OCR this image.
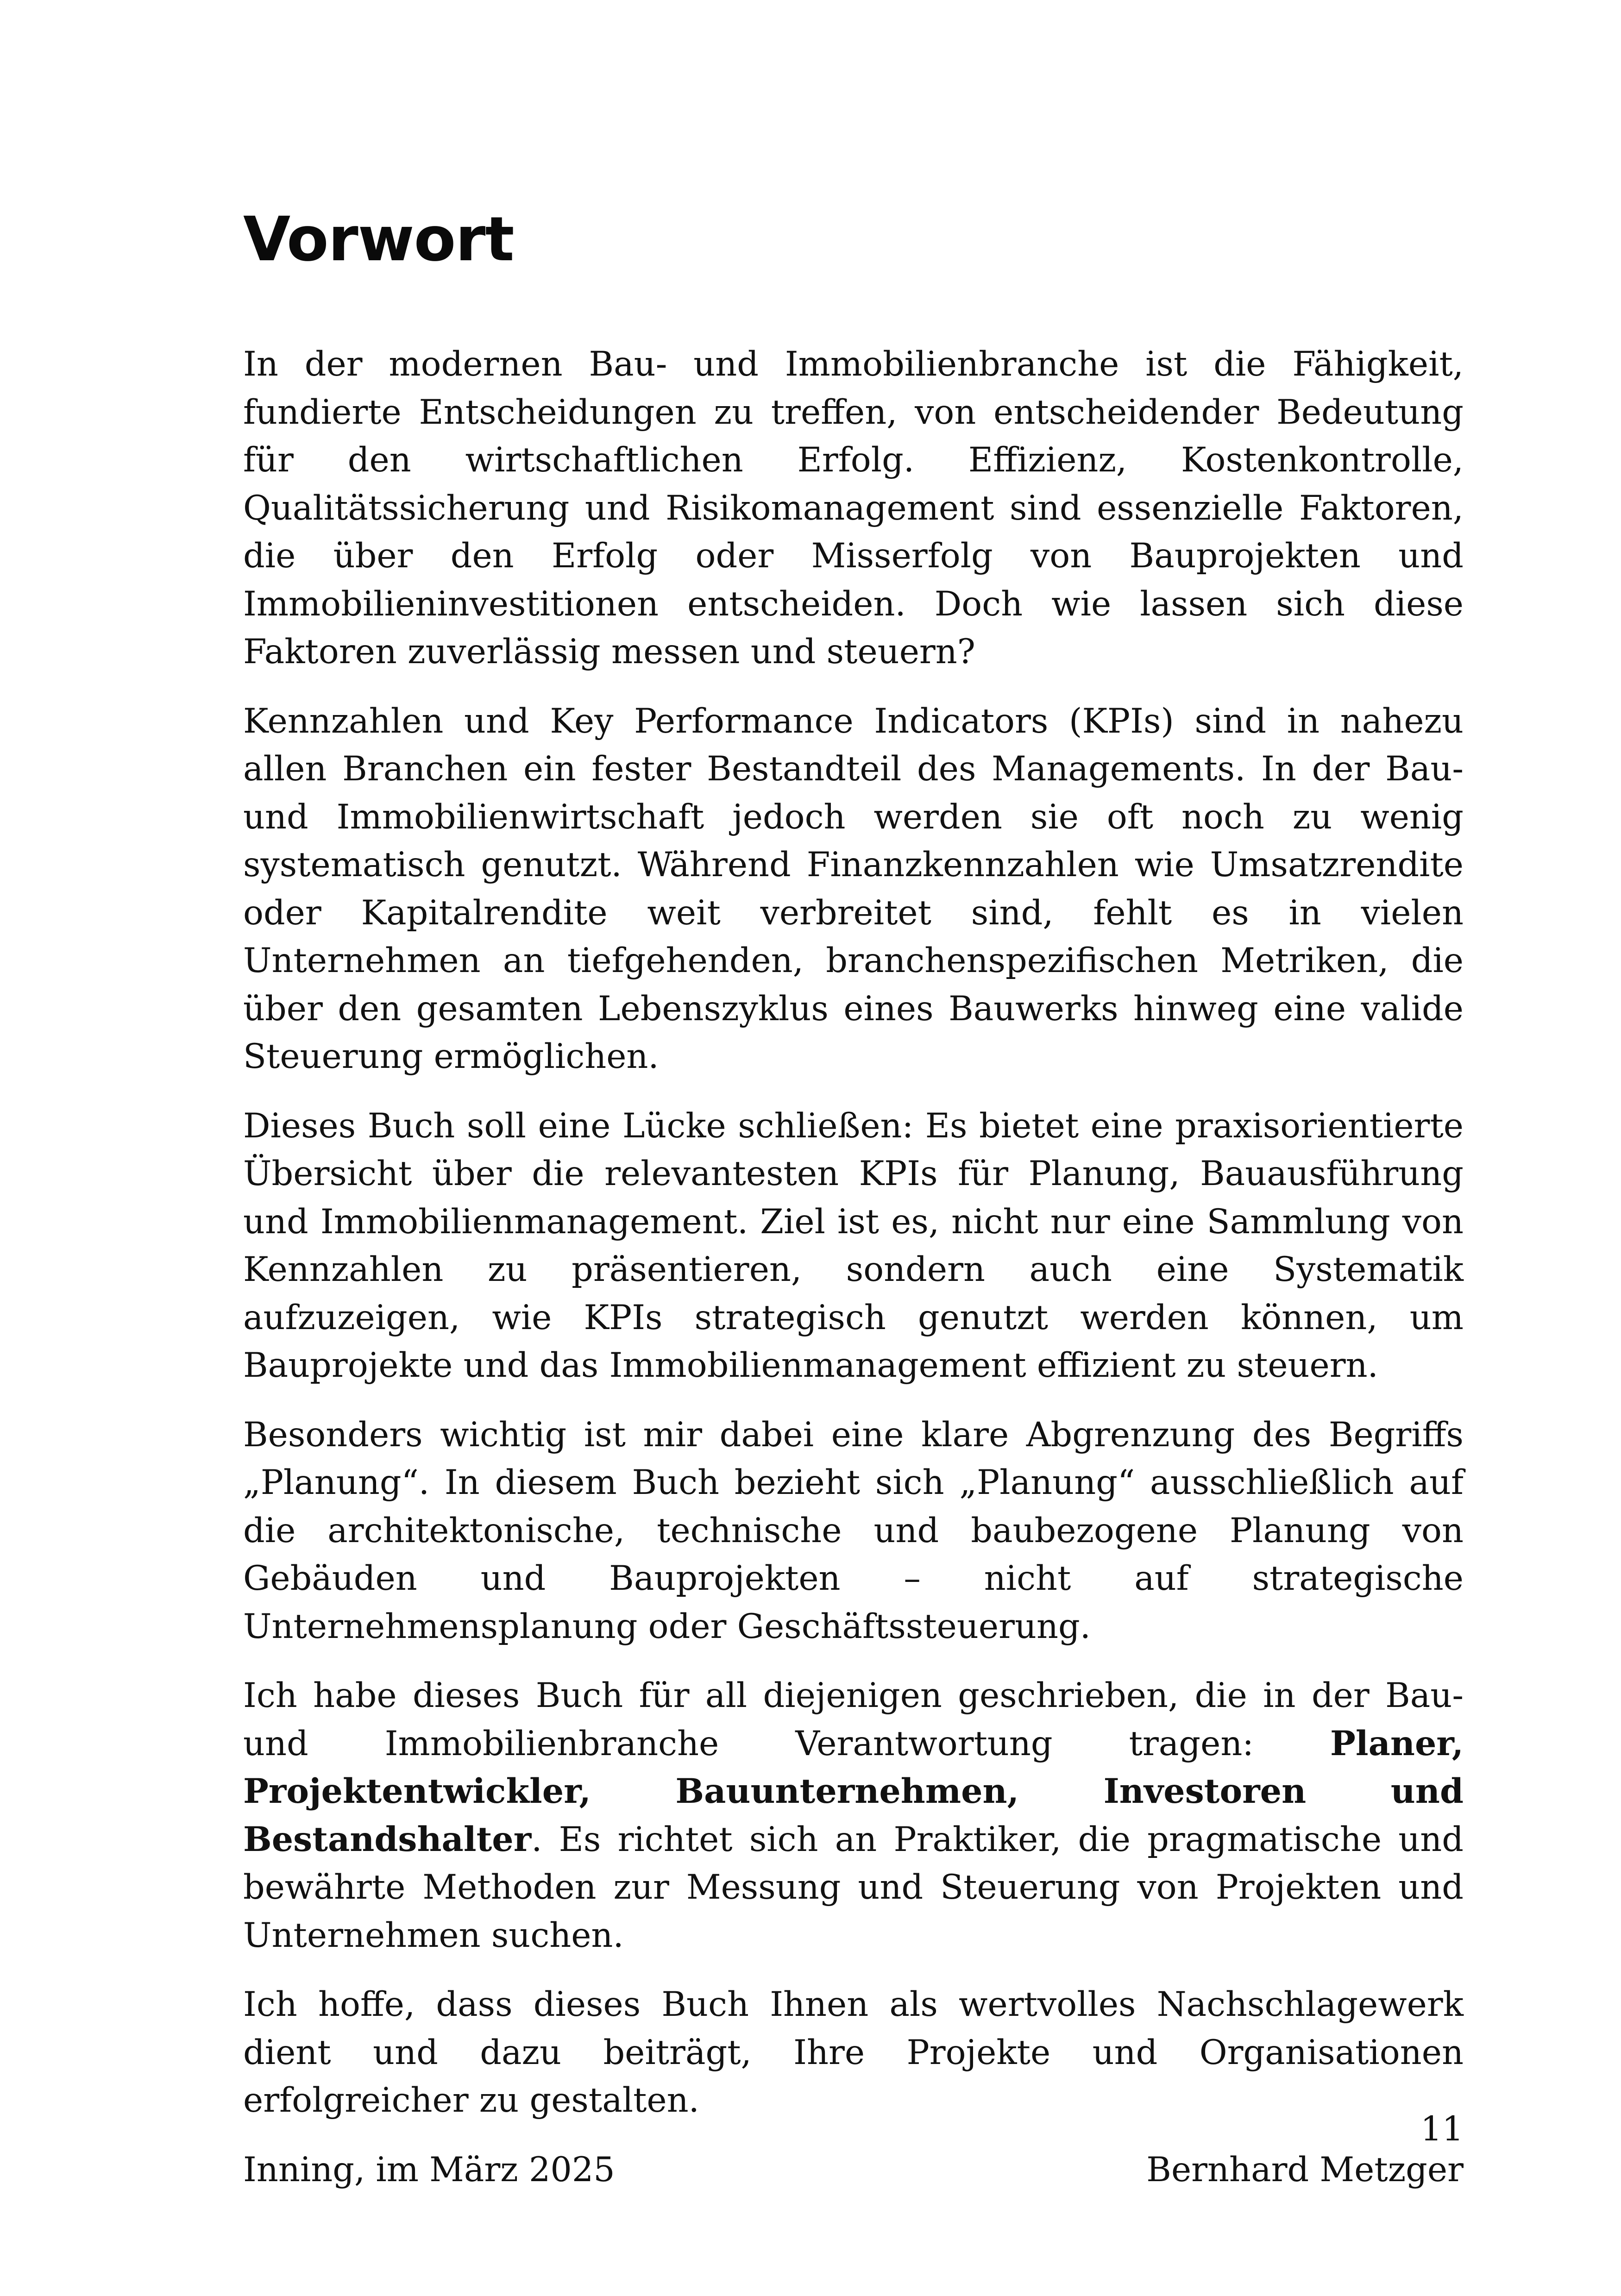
Vorwort

In der modernen Bau- und Immobilienbranche ist die Fähigkeit, fundierte Entscheidungen zu treffen, von entscheidender Bedeutung für den wirtschaftlichen Erfolg. Effizienz, Kostenkontrolle, Qualitätssicherung und Risikomanagement sind essenzielle Faktoren, die über den Erfolg oder Misserfolg von Bauprojekten und Immobilieninvestitionen entscheiden. Doch wie lassen sich diese Faktoren zuverlässig messen und steuern?

Kennzahlen und Key Performance Indicators (KPIs) sind in nahezu allen Branchen ein fester Bestandteil des Managements. In der Bau- und Immobilienwirtschaft jedoch werden sie oft noch zu wenig systematisch genutzt. Während Finanzkennzahlen wie Umsatzrendite oder Kapitalrendite weit verbreitet sind, fehlt es in vielen Unternehmen an tiefgehenden, branchenspezifischen Metriken, die über den gesamten Lebenszyklus eines Bauwerks hinweg eine valide Steuerung ermöglichen.

Dieses Buch soll eine Lücke schließen: Es bietet eine praxisorientierte Übersicht über die relevantesten KPIs für Planung, Bauausführung und Immobilienmanagement. Ziel ist es, nicht nur eine Sammlung von Kennzahlen zu präsentieren, sondern auch eine Systematik aufzuzeigen, wie KPIs strategisch genutzt werden können, um Bauprojekte und das Immobilienmanagement effizient zu steuern.

Besonders wichtig ist mir dabei eine klare Abgrenzung des Begriffs „Planung“. In diesem Buch bezieht sich „Planung“ ausschließlich auf die architektonische, technische und baubezogene Planung von Gebäuden und Bauprojekten – nicht auf strategische Unternehmensplanung oder Geschäftssteuerung.

Ich habe dieses Buch für all diejenigen geschrieben, die in der Bau- und Immobilienbranche Verantwortung tragen: Planer, Projektentwickler, Bauunternehmen, Investoren und Bestandshalter. Es richtet sich an Praktiker, die pragmatische und bewährte Methoden zur Messung und Steuerung von Projekten und Unternehmen suchen.

Ich hoffe, dass dieses Buch Ihnen als wertvolles Nachschlagewerk dient und dazu beiträgt, Ihre Projekte und Organisationen erfolgreicher zu gestalten.

Inning, im März 2025	Bernhard Metzger
11
